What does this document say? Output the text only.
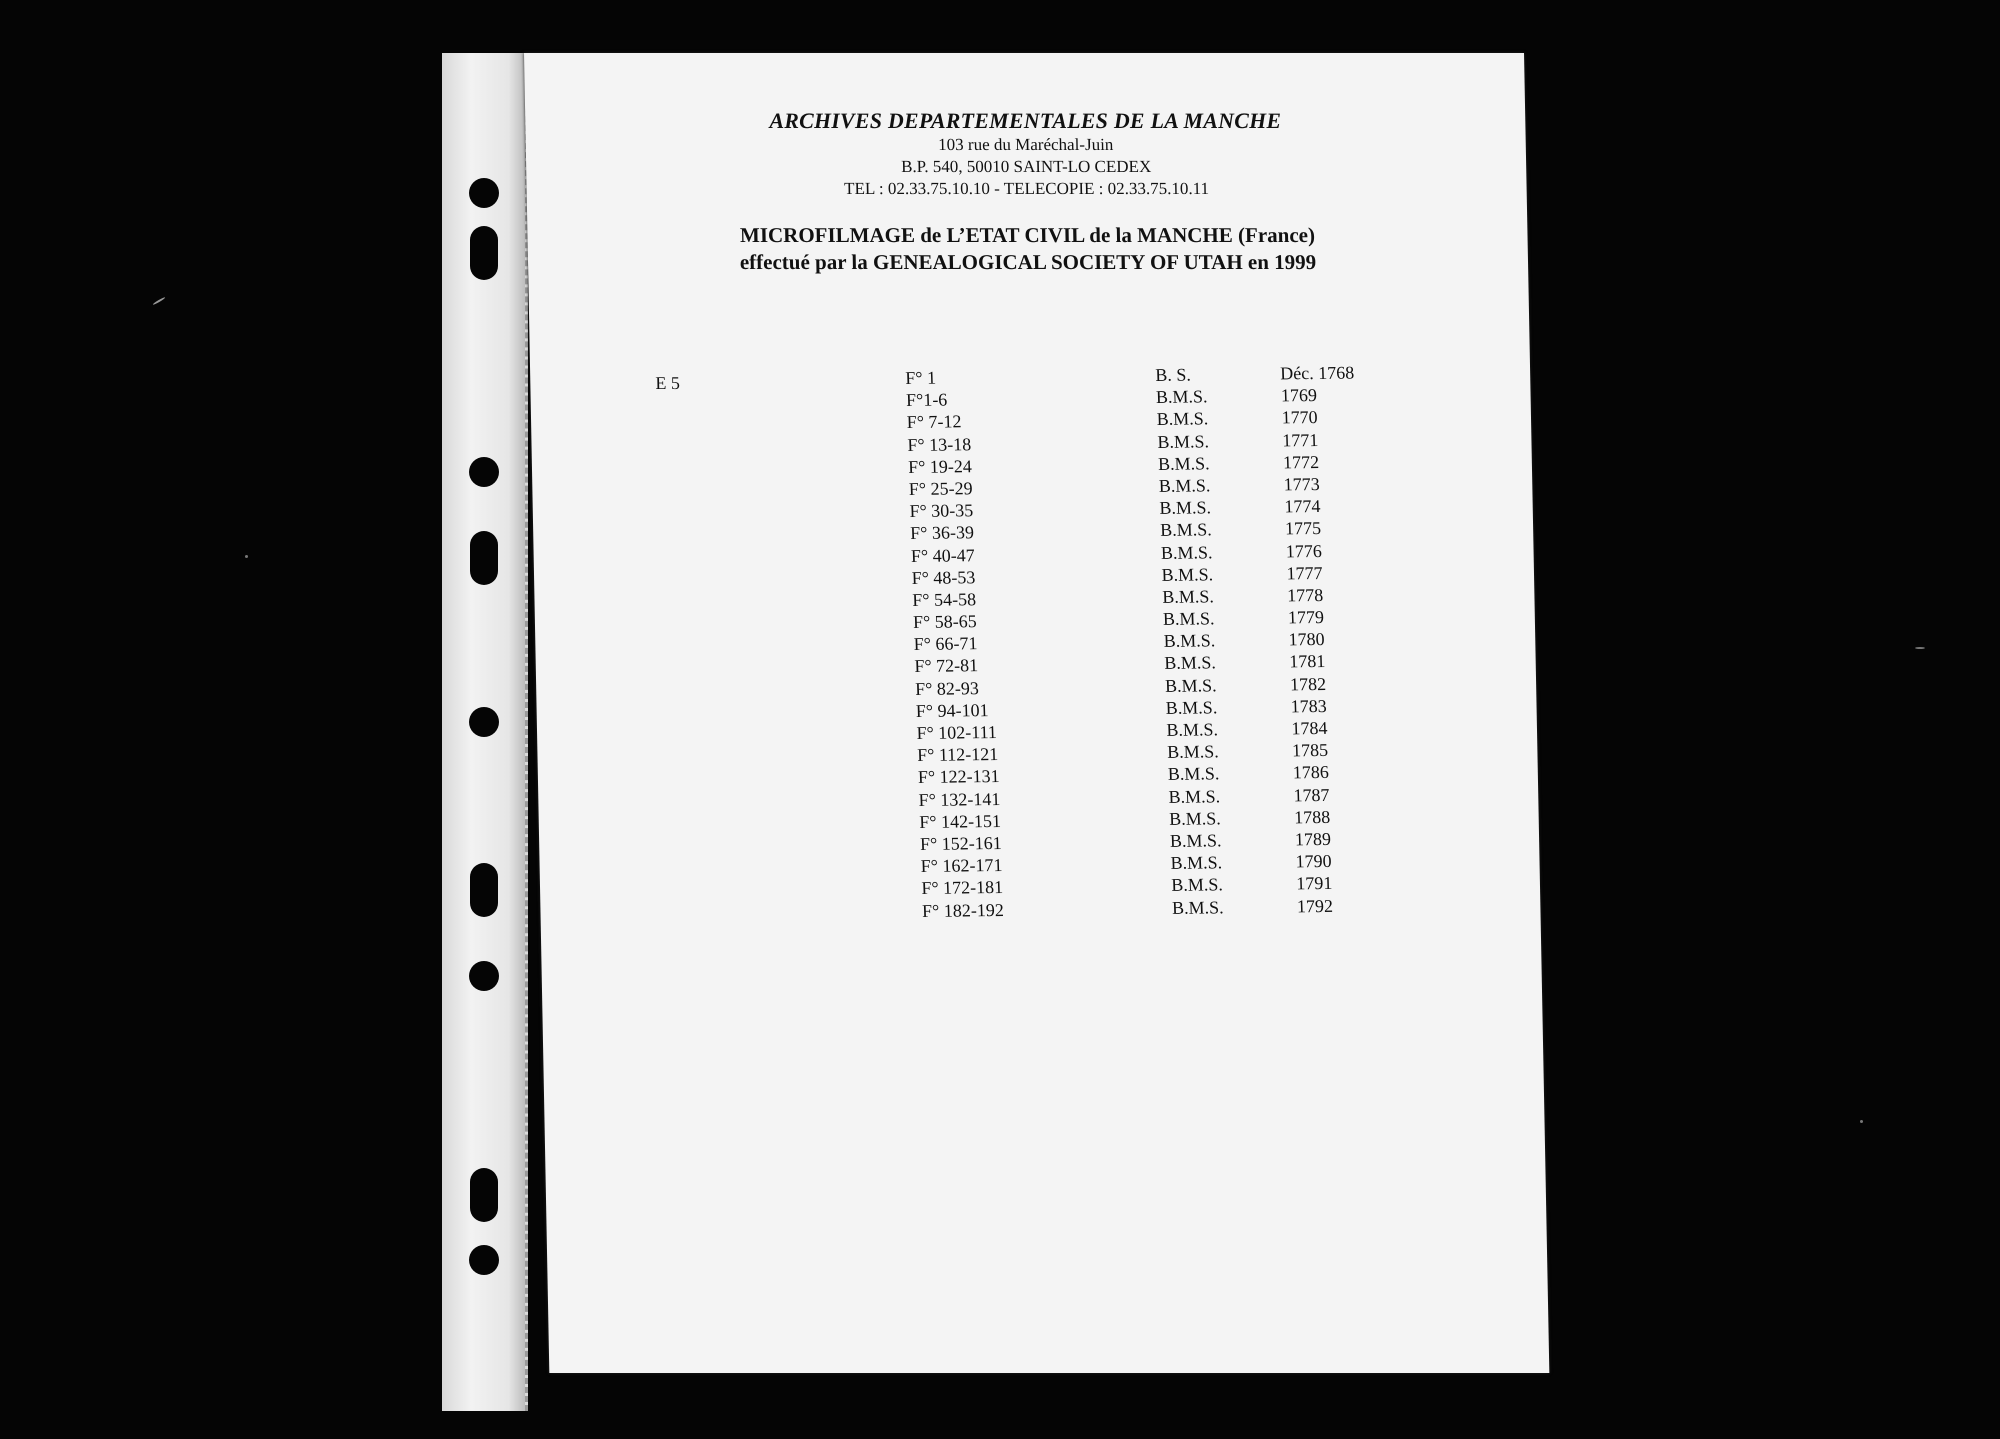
ARCHIVES DEPARTEMENTALES DE LA MANCHE
103 rue du Maréchal-Juin
B.P. 540, 50010 SAINT-LO CEDEX
TEL : 02.33.75.10.10 - TELECOPIE : 02.33.75.10.11
MICROFILMAGE de L’ETAT CIVIL de la MANCHE (France)
effectué par la GENEALOGICAL SOCIETY OF UTAH en 1999
E 5	F° 1	B. S.	Déc. 1768
F°1-6	B.M.S.	1769
F° 7-12	B.M.S.	1770
F° 13-18	B.M.S.	1771
F° 19-24	B.M.S.	1772
F° 25-29	B.M.S.	1773
F° 30-35	B.M.S.	1774
F° 36-39	B.M.S.	1775
F° 40-47	B.M.S.	1776
F° 48-53	B.M.S.	1777
F° 54-58	B.M.S.	1778
F° 58-65	B.M.S.	1779
F° 66-71	B.M.S.	1780
F° 72-81	B.M.S.	1781
F° 82-93	B.M.S.	1782
F° 94-101	B.M.S.	1783
F° 102-111	B.M.S.	1784
F° 112-121	B.M.S.	1785
F° 122-131	B.M.S.	1786
F° 132-141	B.M.S.	1787
F° 142-151	B.M.S.	1788
F° 152-161	B.M.S.	1789
F° 162-171	B.M.S.	1790
F° 172-181	B.M.S.	1791
F° 182-192	B.M.S.	1792
